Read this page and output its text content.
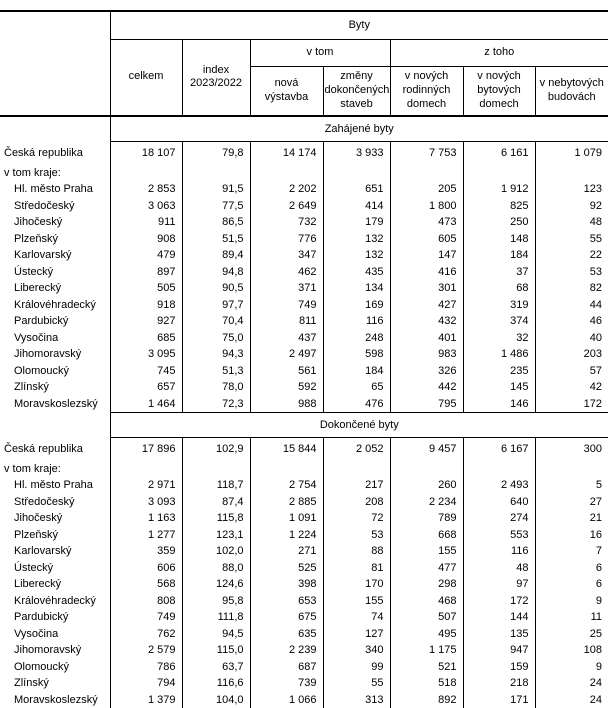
	Byty						
	celkem	index 2023/2022	v tom		z toho		
			nová výstavba	změny dokončených staveb	v nových rodinných domech	v nových bytových domech	v nebytových budovách
	Zahájené byty						
Česká republika	18 107	79,8	14 174	3 933	7 753	6 161	1 079
v tom kraje:							
Hl. město Praha	2 853	91,5	2 202	651	205	1 912	123
Středočeský	3 063	77,5	2 649	414	1 800	825	92
Jihočeský	911	86,5	732	179	473	250	48
Plzeňský	908	51,5	776	132	605	148	55
Karlovarský	479	89,4	347	132	147	184	22
Ústecký	897	94,8	462	435	416	37	53
Liberecký	505	90,5	371	134	301	68	82
Královéhradecký	918	97,7	749	169	427	319	44
Pardubický	927	70,4	811	116	432	374	46
Vysočina	685	75,0	437	248	401	32	40
Jihomoravský	3 095	94,3	2 497	598	983	1 486	203
Olomoucký	745	51,3	561	184	326	235	57
Zlínský	657	78,0	592	65	442	145	42
Moravskoslezský	1 464	72,3	988	476	795	146	172
	Dokončené byty						
Česká republika	17 896	102,9	15 844	2 052	9 457	6 167	300
v tom kraje:							
Hl. město Praha	2 971	118,7	2 754	217	260	2 493	5
Středočeský	3 093	87,4	2 885	208	2 234	640	27
Jihočeský	1 163	115,8	1 091	72	789	274	21
Plzeňský	1 277	123,1	1 224	53	668	553	16
Karlovarský	359	102,0	271	88	155	116	7
Ústecký	606	88,0	525	81	477	48	6
Liberecký	568	124,6	398	170	298	97	6
Královéhradecký	808	95,8	653	155	468	172	9
Pardubický	749	111,8	675	74	507	144	11
Vysočina	762	94,5	635	127	495	135	25
Jihomoravský	2 579	115,0	2 239	340	1 175	947	108
Olomoucký	786	63,7	687	99	521	159	9
Zlínský	794	116,6	739	55	518	218	24
Moravskoslezský	1 379	104,0	1 066	313	892	171	24
